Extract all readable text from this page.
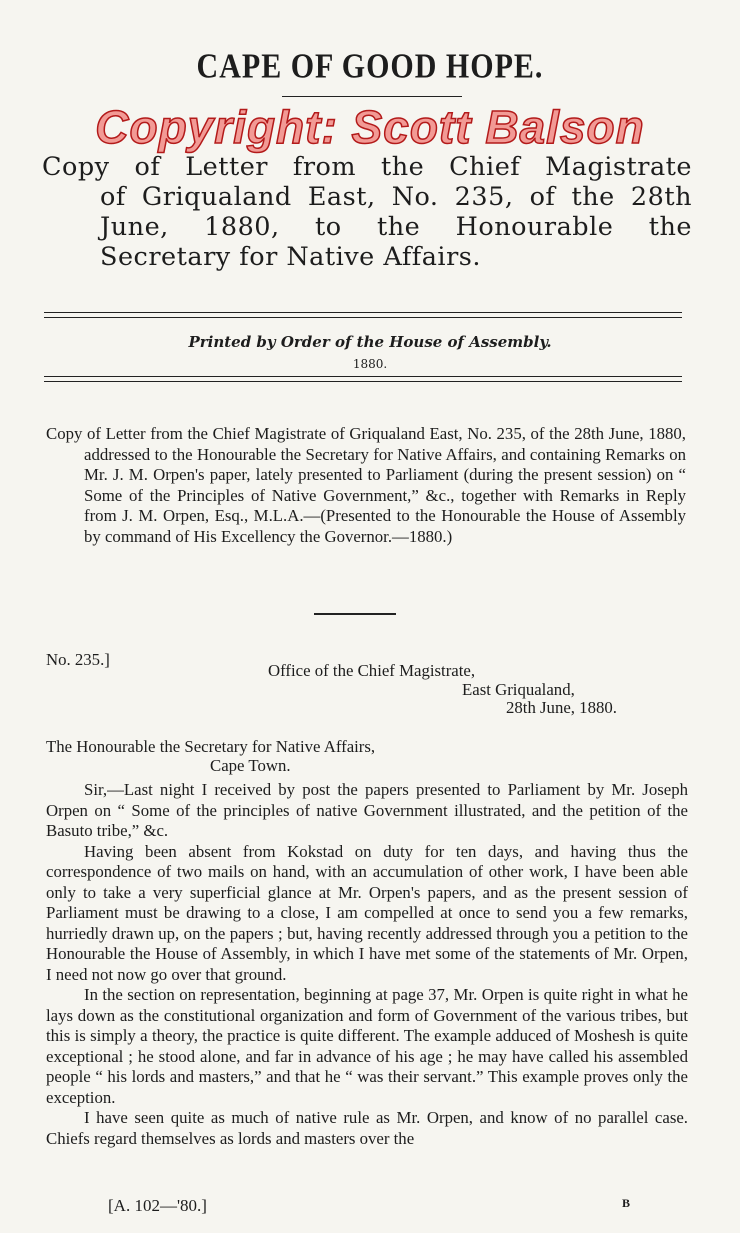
CAPE OF GOOD HOPE.
Copyright: Scott Balson

Copy of Letter from the Chief Magistrate

of Griqualand East, No. 235, of the 28th

June, 1880, to the Honourable the

Secretary for Native Affairs.

Printed by Order of the House of Assembly.
1880.

Copy of Letter from the Chief Magistrate of Griqualand East, No. 235, of the 28th June, 1880, addressed to the Honourable the Secretary for Native Affairs, and containing Remarks on Mr. J. M. Orpen's paper, lately presented to Parliament (during the present session) on “ Some of the Principles of Native Government,” &c., together with Remarks in Reply from J. M. Orpen, Esq., M.L.A.—(Presented to the Honourable the House of Assembly by command of His Excellency the Governor.—1880.)

No. 235.]
Office of the Chief Magistrate,
East Griqualand,
28th June, 1880.
The Honourable the Secretary for Native Affairs,
Cape Town.

Sir,—Last night I received by post the papers presented to Parliament by Mr. Joseph Orpen on “ Some of the principles of native Government illustrated, and the petition of the Basuto tribe,” &c.

Having been absent from Kokstad on duty for ten days, and having thus the correspondence of two mails on hand, with an accumulation of other work, I have been able only to take a very superficial glance at Mr. Orpen's papers, and as the present session of Parliament must be drawing to a close, I am compelled at once to send you a few remarks, hurriedly drawn up, on the papers ; but, having recently addressed through you a petition to the Honourable the House of Assembly, in which I have met some of the statements of Mr. Orpen, I need not now go over that ground.

In the section on representation, beginning at page 37, Mr. Orpen is quite right in what he lays down as the constitutional organization and form of Government of the various tribes, but this is simply a theory, the practice is quite different. The example adduced of Moshesh is quite exceptional ; he stood alone, and far in advance of his age ; he may have called his assembled people “ his lords and masters,” and that he “ was their servant.” This example proves only the exception.

I have seen quite as much of native rule as Mr. Orpen, and know of no parallel case. Chiefs regard themselves as lords and masters over the

[A. 102—'80.]	B
